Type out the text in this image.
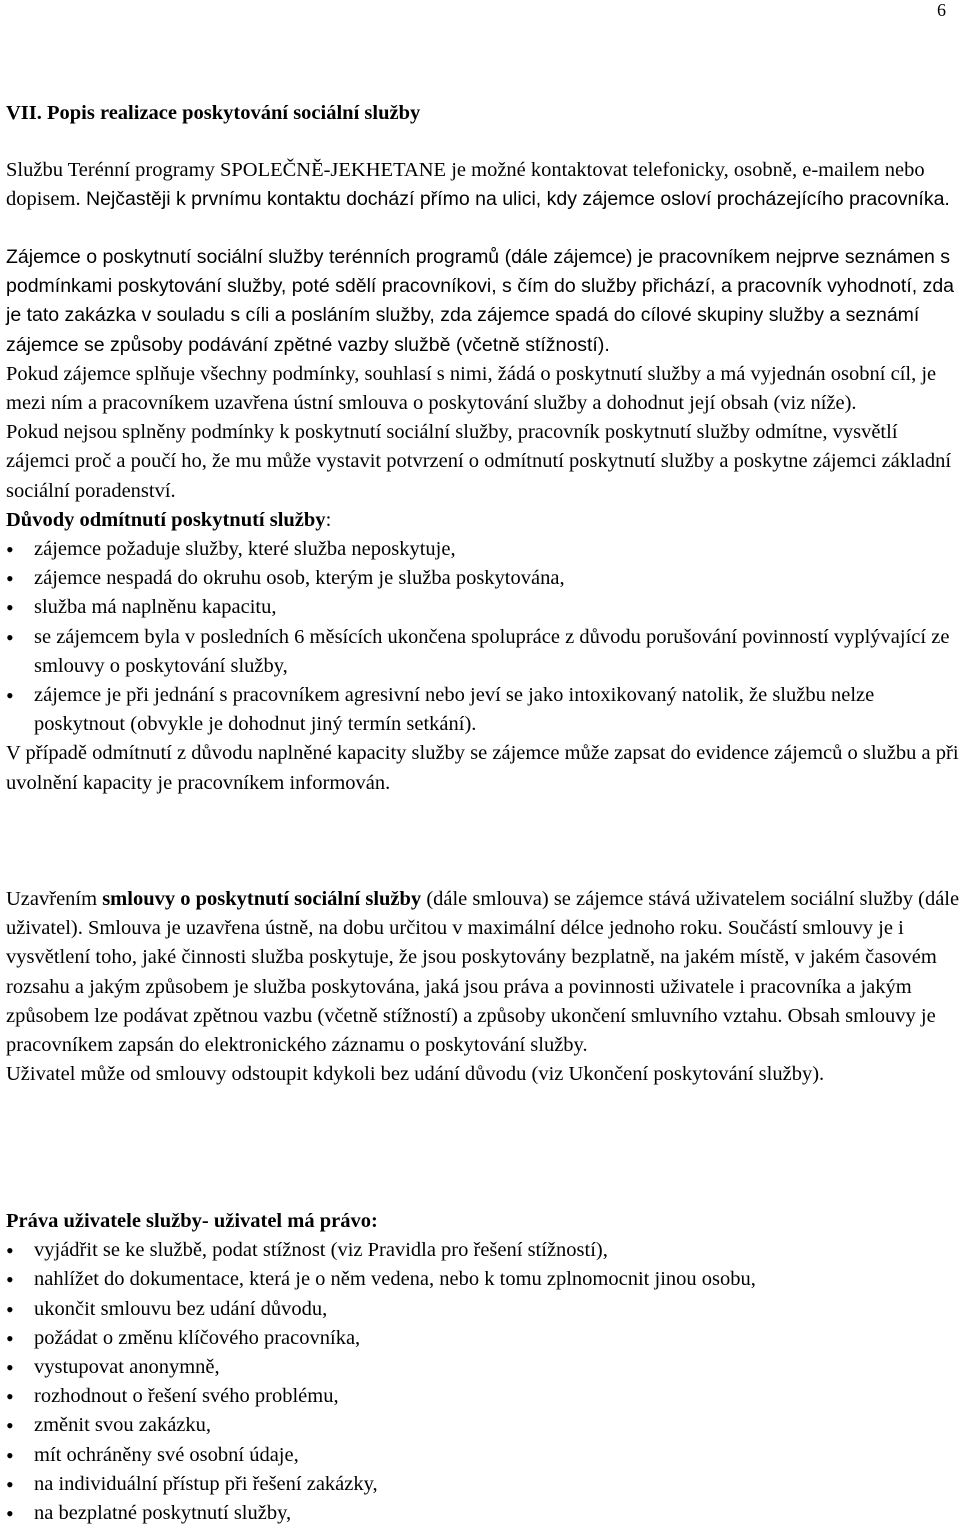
6
VII. Popis realizace poskytování sociální služby

Službu Terénní programy SPOLEČNĚ-JEKHETANE je možné kontaktovat telefonicky, osobně, e-mailem nebo dopisem. Nejčastěji k prvnímu kontaktu dochází přímo na ulici, kdy zájemce osloví procházejícího pracovníka.

Zájemce o poskytnutí sociální služby terénních programů (dále zájemce) je pracovníkem nejprve seznámen s podmínkami poskytování služby, poté sdělí pracovníkovi, s čím do služby přichází, a pracovník vyhodnotí, zda je tato zakázka v souladu s cíli a posláním služby, zda zájemce spadá do cílové skupiny služby a seznámí zájemce se způsoby podávání zpětné vazby službě (včetně stížností).

Pokud zájemce splňuje všechny podmínky, souhlasí s nimi, žádá o poskytnutí služby a má vyjednán osobní cíl, je mezi ním a pracovníkem uzavřena ústní smlouva o poskytování služby a dohodnut její obsah (viz níže).

Pokud nejsou splněny podmínky k poskytnutí sociální služby, pracovník poskytnutí služby odmítne, vysvětlí zájemci proč a poučí ho, že mu může vystavit potvrzení o odmítnutí poskytnutí služby a poskytne zájemci základní sociální poradenství.

Důvody odmítnutí poskytnutí služby:

• zájemce požaduje služby, které služba neposkytuje,
• zájemce nespadá do okruhu osob, kterým je služba poskytována,
• služba má naplněnu kapacitu,
• se zájemcem byla v posledních 6 měsících ukončena spolupráce z důvodu porušování povinností vyplývající ze smlouvy o poskytování služby,
• zájemce je při jednání s pracovníkem agresivní nebo jeví se jako intoxikovaný natolik, že službu nelze poskytnout (obvykle je dohodnut jiný termín setkání).

V případě odmítnutí z důvodu naplněné kapacity služby se zájemce může zapsat do evidence zájemců o službu a při uvolnění kapacity je pracovníkem informován.

Uzavřením smlouvy o poskytnutí sociální služby (dále smlouva) se zájemce stává uživatelem sociální služby (dále uživatel). Smlouva je uzavřena ústně, na dobu určitou v maximální délce jednoho roku. Součástí smlouvy je i vysvětlení toho, jaké činnosti služba poskytuje, že jsou poskytovány bezplatně, na jakém místě, v jakém časovém rozsahu a jakým způsobem je služba poskytována, jaká jsou práva a povinnosti uživatele i pracovníka a jakým způsobem lze podávat zpětnou vazbu (včetně stížností) a způsoby ukončení smluvního vztahu. Obsah smlouvy je pracovníkem zapsán do elektronického záznamu o poskytování služby.

Uživatel může od smlouvy odstoupit kdykoli bez udání důvodu (viz Ukončení poskytování služby).

Práva uživatele služby- uživatel má právo:

• vyjádřit se ke službě, podat stížnost (viz Pravidla pro řešení stížností),
• nahlížet do dokumentace, která je o něm vedena, nebo k tomu zplnomocnit jinou osobu,
• ukončit smlouvu bez udání důvodu,
• požádat o změnu klíčového pracovníka,
• vystupovat anonymně,
• rozhodnout o řešení svého problému,
• změnit svou zakázku,
• mít ochráněny své osobní údaje,
• na individuální přístup při řešení zakázky,
• na bezplatné poskytnutí služby,
